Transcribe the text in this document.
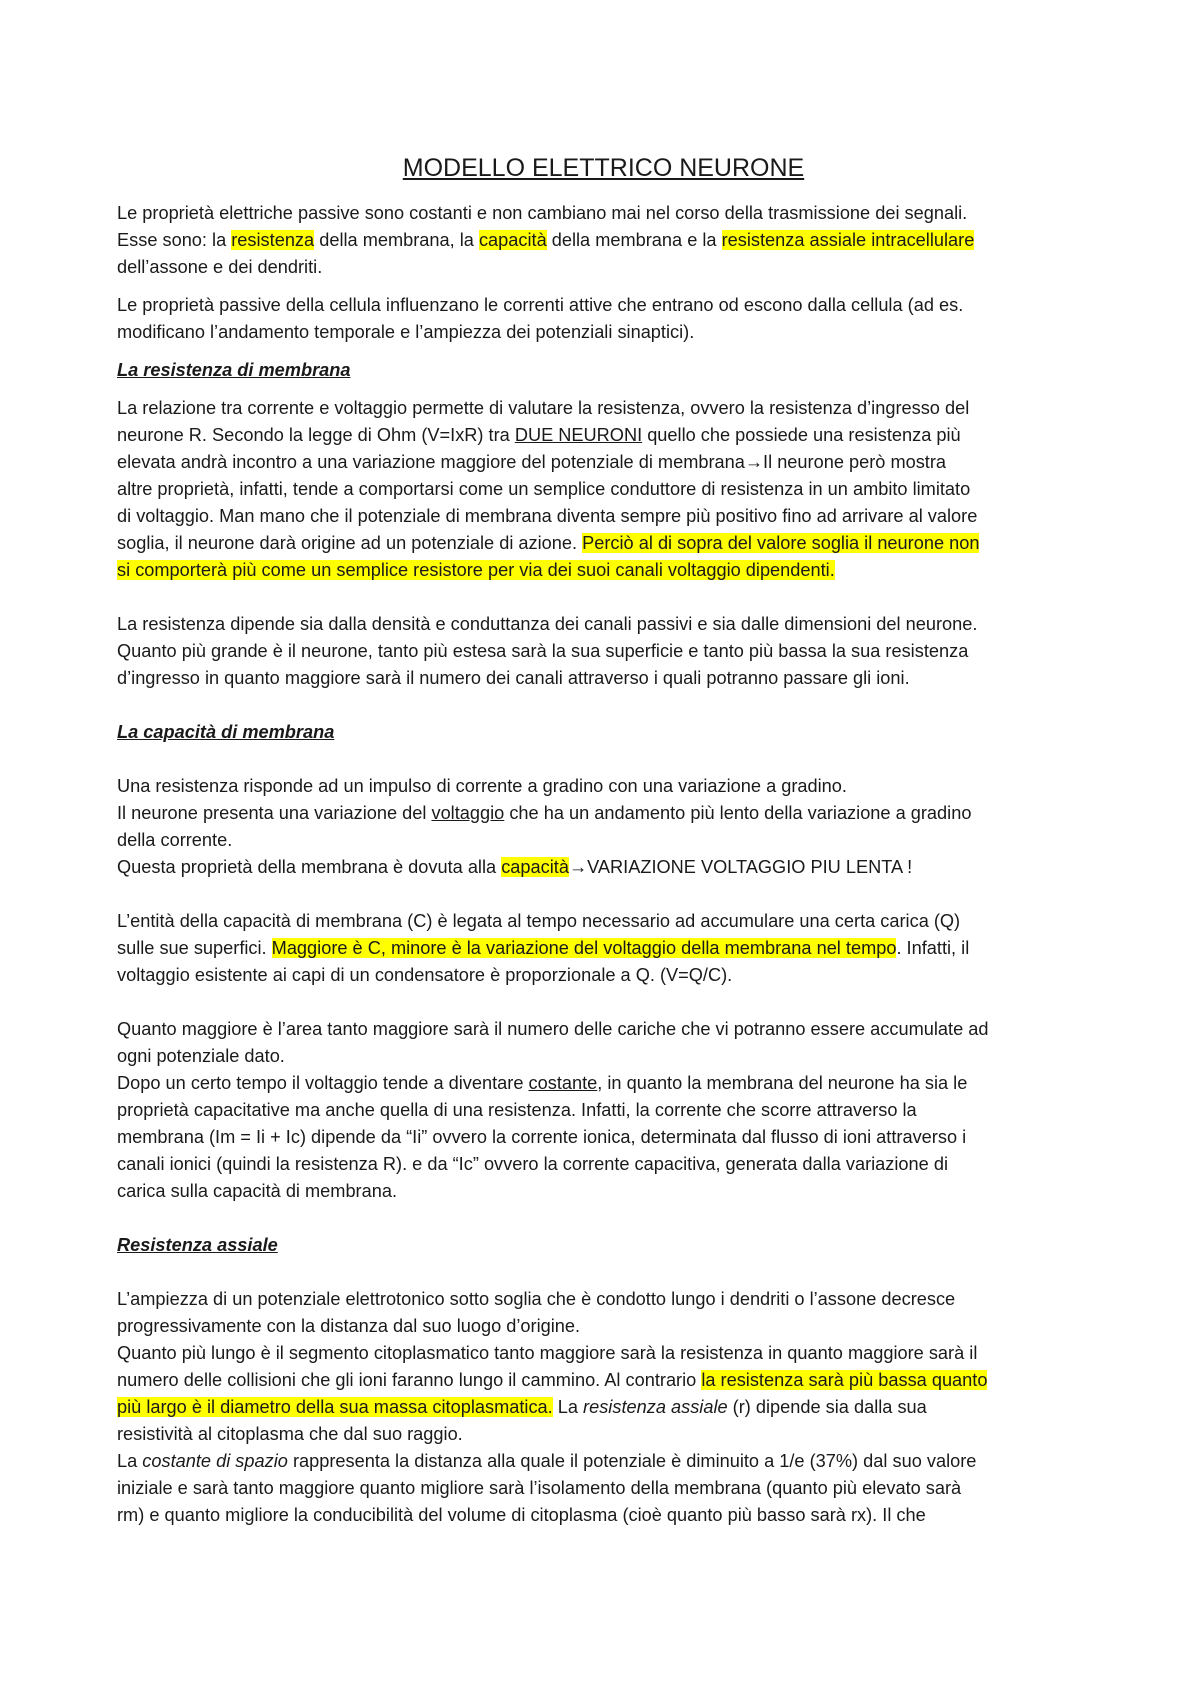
MODELLO ELETTRICO NEURONE
Le proprietà elettriche passive sono costanti e non cambiano mai nel corso della trasmissione dei segnali.
Esse sono: la resistenza della membrana, la capacità della membrana e la resistenza assiale intracellulare
dell’assone e dei dendriti.
Le proprietà passive della cellula influenzano le correnti attive che entrano od escono dalla cellula (ad es.
modificano l’andamento temporale e l’ampiezza dei potenziali sinaptici).
La resistenza di membrana
La relazione tra corrente e voltaggio permette di valutare la resistenza, ovvero la resistenza d’ingresso del
neurone R. Secondo la legge di Ohm (V=IxR) tra DUE NEURONI quello che possiede una resistenza più
elevata andrà incontro a una variazione maggiore del potenziale di membrana→Il neurone però mostra
altre proprietà, infatti, tende a comportarsi come un semplice conduttore di resistenza in un ambito limitato
di voltaggio. Man mano che il potenziale di membrana diventa sempre più positivo fino ad arrivare al valore
soglia, il neurone darà origine ad un potenziale di azione. Perciò al di sopra del valore soglia il neurone non
si comporterà più come un semplice resistore per via dei suoi canali voltaggio dipendenti.
La resistenza dipende sia dalla densità e conduttanza dei canali passivi e sia dalle dimensioni del neurone.
Quanto più grande è il neurone, tanto più estesa sarà la sua superficie e tanto più bassa la sua resistenza
d’ingresso in quanto maggiore sarà il numero dei canali attraverso i quali potranno passare gli ioni.
La capacità di membrana
Una resistenza risponde ad un impulso di corrente a gradino con una variazione a gradino.
Il neurone presenta una variazione del voltaggio che ha un andamento più lento della variazione a gradino
della corrente.
Questa proprietà della membrana è dovuta alla capacità→VARIAZIONE VOLTAGGIO PIU LENTA !
L’entità della capacità di membrana (C) è legata al tempo necessario ad accumulare una certa carica (Q)
sulle sue superfici. Maggiore è C, minore è la variazione del voltaggio della membrana nel tempo. Infatti, il
voltaggio esistente ai capi di un condensatore è proporzionale a Q. (V=Q/C).
Quanto maggiore è l’area tanto maggiore sarà il numero delle cariche che vi potranno essere accumulate ad
ogni potenziale dato.
Dopo un certo tempo il voltaggio tende a diventare costante, in quanto la membrana del neurone ha sia le
proprietà capacitative ma anche quella di una resistenza. Infatti, la corrente che scorre attraverso la
membrana (Im = Ii + Ic) dipende da “Ii” ovvero la corrente ionica, determinata dal flusso di ioni attraverso i
canali ionici (quindi la resistenza R). e da “Ic” ovvero la corrente capacitiva, generata dalla variazione di
carica sulla capacità di membrana.
Resistenza assiale
L’ampiezza di un potenziale elettrotonico sotto soglia che è condotto lungo i dendriti o l’assone decresce
progressivamente con la distanza dal suo luogo d’origine.
Quanto più lungo è il segmento citoplasmatico tanto maggiore sarà la resistenza in quanto maggiore sarà il
numero delle collisioni che gli ioni faranno lungo il cammino. Al contrario la resistenza sarà più bassa quanto
più largo è il diametro della sua massa citoplasmatica. La resistenza assiale (r) dipende sia dalla sua
resistività al citoplasma che dal suo raggio.
La costante di spazio rappresenta la distanza alla quale il potenziale è diminuito a 1/e (37%) dal suo valore
iniziale e sarà tanto maggiore quanto migliore sarà l’isolamento della membrana (quanto più elevato sarà
rm) e quanto migliore la conducibilità del volume di citoplasma (cioè quanto più basso sarà rx). Il che
